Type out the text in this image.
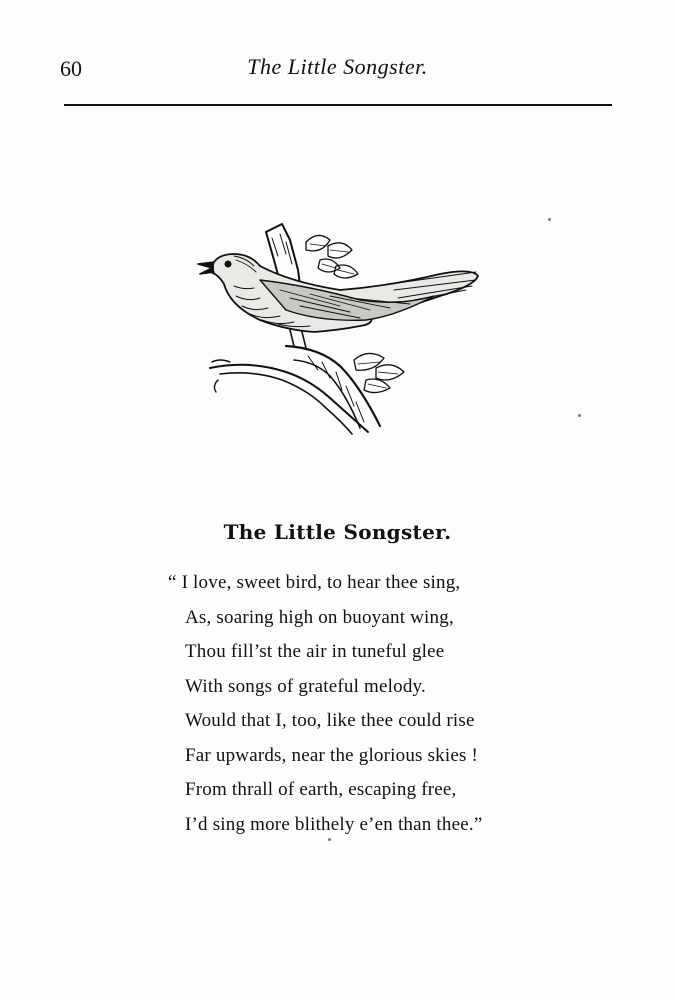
60	The Little Songster.
The Little Songster.
“ I love, sweet bird, to hear thee sing,
As, soaring high on buoyant wing,
Thou fill’st the air in tuneful glee
With songs of grateful melody.
Would that I, too, like thee could rise
Far upwards, near the glorious skies !
From thrall of earth, escaping free,
I’d sing more blithely e’en than thee.”
